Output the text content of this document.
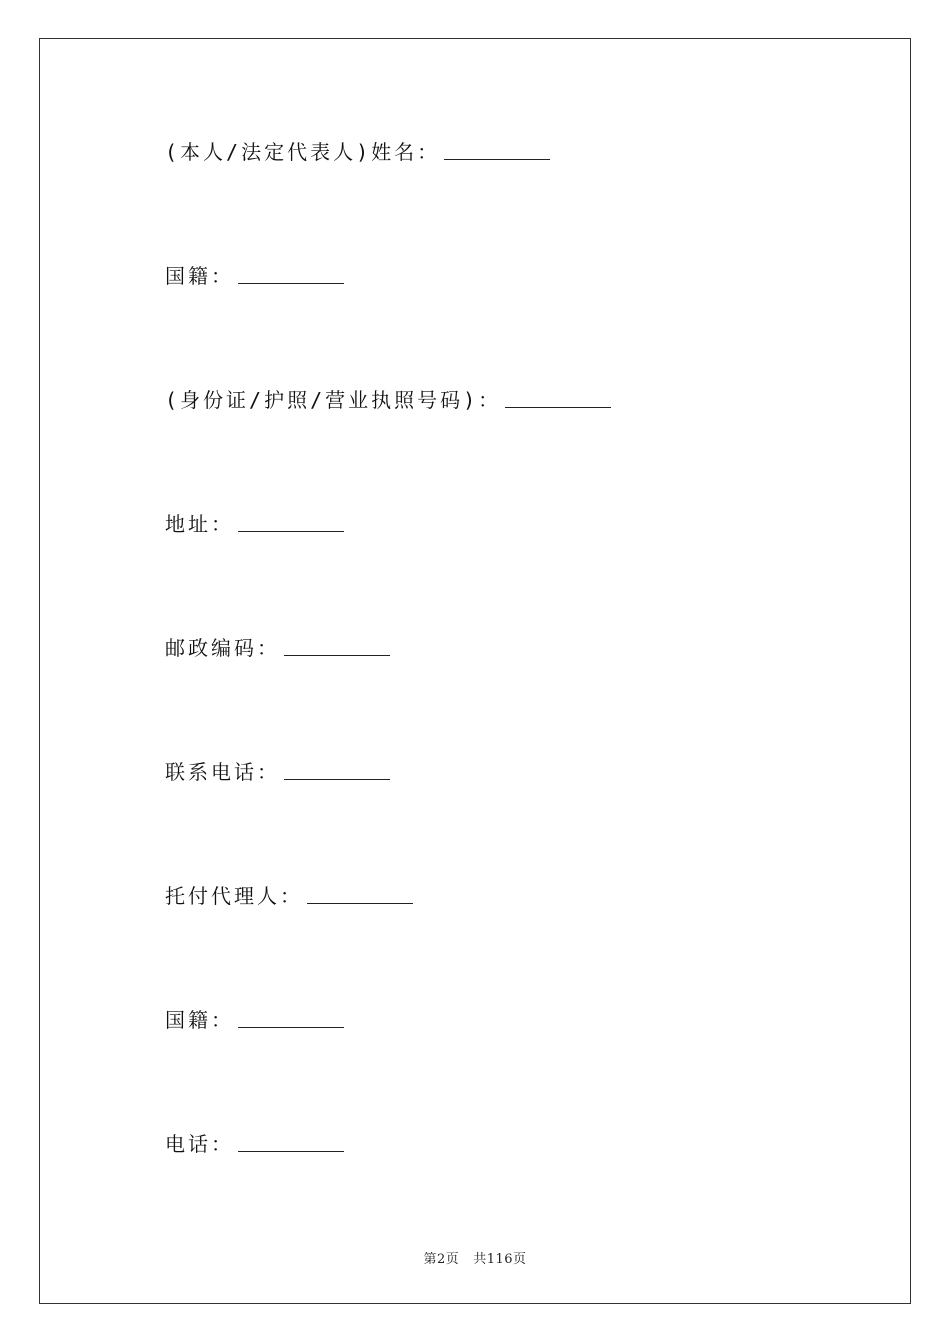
(本人/法定代表人)姓名：
国籍：
(身份证/护照/营业执照号码)：
地址：
邮政编码：
联系电话：
托付代理人：
国籍：
电话：
第2页 共116页
